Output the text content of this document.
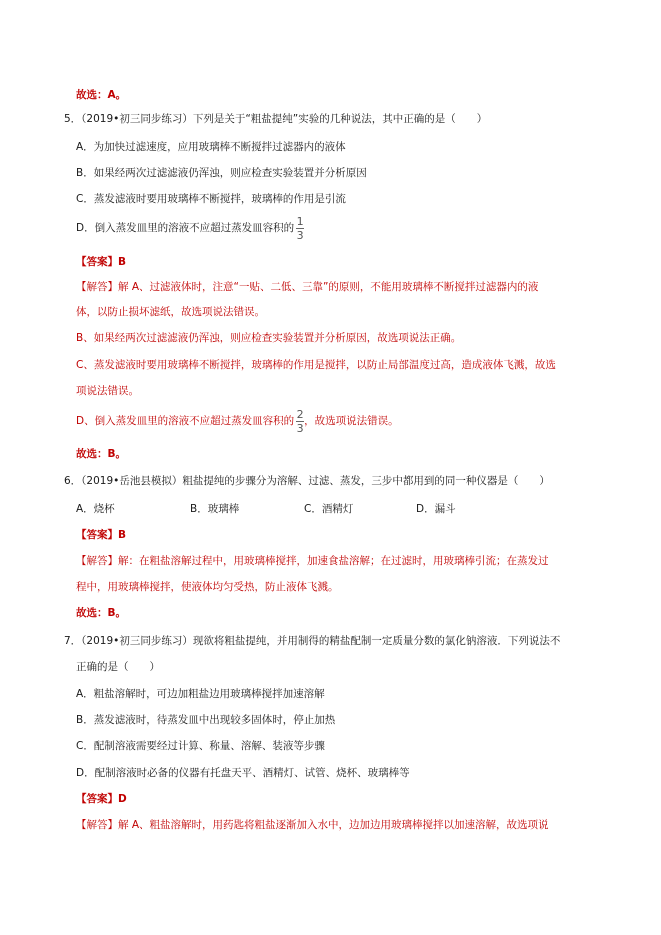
故选：A。
5．（2019•初三同步练习）下列是关于“粗盐提纯”实验的几种说法，其中正确的是（　　）
A．为加快过滤速度，应用玻璃棒不断搅拌过滤器内的液体
B．如果经两次过滤滤液仍浑浊，则应检查实验装置并分析原因
C．蒸发滤液时要用玻璃棒不断搅拌，玻璃棒的作用是引流
D．倒入蒸发皿里的溶液不应超过蒸发皿容积的 $\frac{1}{3}$
【答案】B
【解答】解 A、过滤液体时，注意“一贴、二低、三靠”的原则，不能用玻璃棒不断搅拌过滤器内的液
体，以防止损坏滤纸，故选项说法错误。
B、如果经两次过滤滤液仍浑浊，则应检查实验装置并分析原因，故选项说法正确。
C、蒸发滤液时要用玻璃棒不断搅拌，玻璃棒的作用是搅拌，以防止局部温度过高，造成液体飞溅，故选
项说法错误。
D、倒入蒸发皿里的溶液不应超过蒸发皿容积的 $\frac{2}{3}$ ，故选项说法错误。
故选：B。
6．（2019•岳池县模拟）粗盐提纯的步骤分为溶解、过滤、蒸发，三步中都用到的同一种仪器是（　　）
A．烧杯	B．玻璃棒	C．酒精灯	D．漏斗
【答案】B
【解答】解：在粗盐溶解过程中，用玻璃棒搅拌，加速食盐溶解；在过滤时，用玻璃棒引流；在蒸发过
程中，用玻璃棒搅拌，使液体均匀受热，防止液体飞溅。
故选：B。
7．（2019•初三同步练习）现欲将粗盐提纯，并用制得的精盐配制一定质量分数的氯化钠溶液．下列说法不
正确的是（　　）
A．粗盐溶解时，可边加粗盐边用玻璃棒搅拌加速溶解
B．蒸发滤液时，待蒸发皿中出现较多固体时，停止加热
C．配制溶液需要经过计算、称量、溶解、装液等步骤
D．配制溶液时必备的仪器有托盘天平、酒精灯、试管、烧杯、玻璃棒等
【答案】D
【解答】解 A、粗盐溶解时，用药匙将粗盐逐渐加入水中，边加边用玻璃棒搅拌以加速溶解，故选项说
